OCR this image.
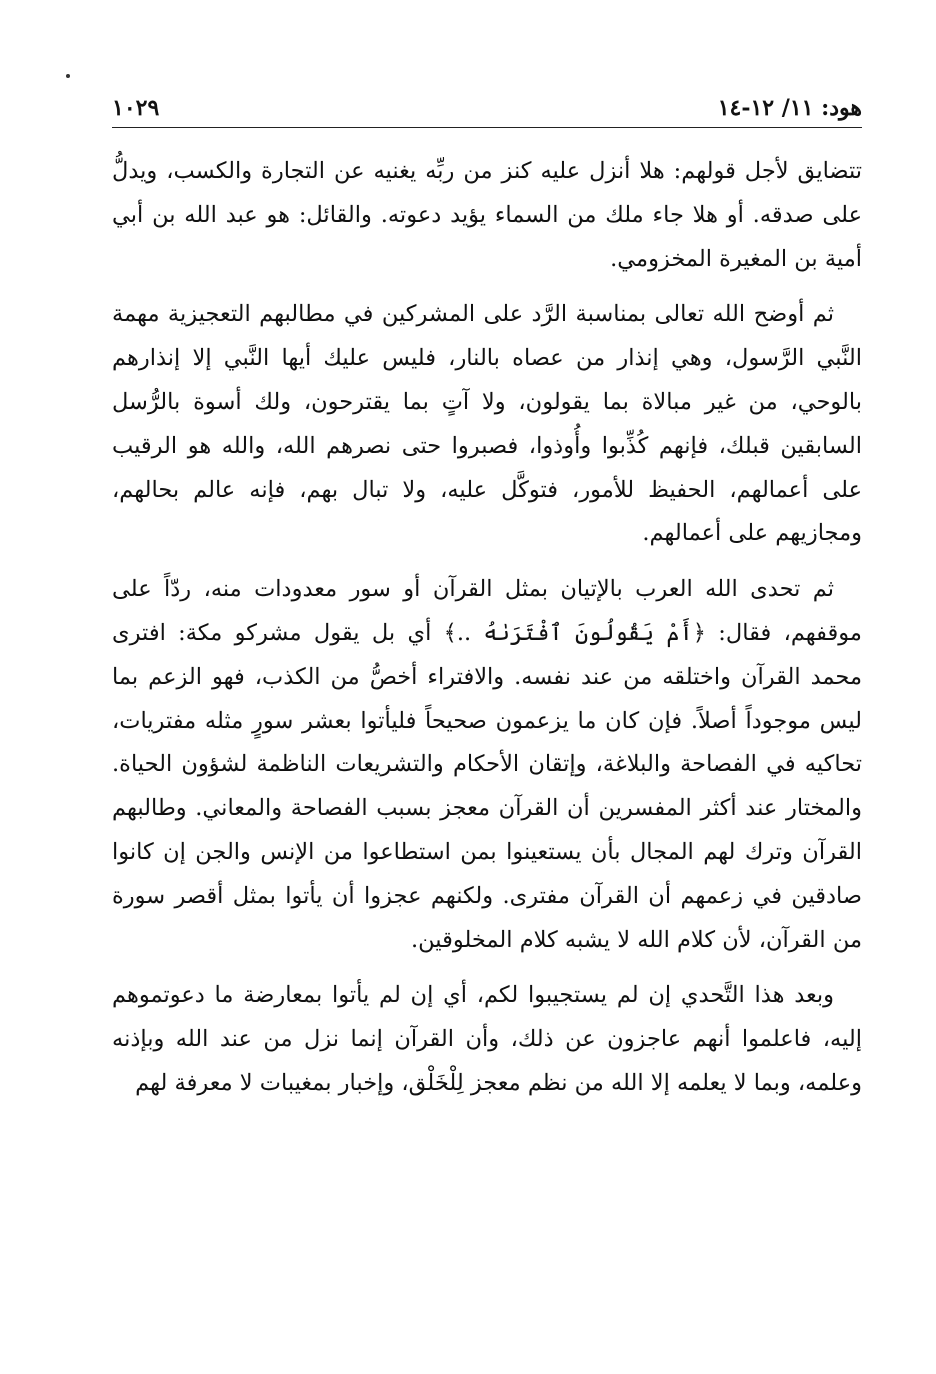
هود: ١١/ ١٢-١٤
١٠٢٩

تتضايق لأجل قولهم: هلا أنزل عليه كنز من ربِّه يغنيه عن التجارة والكسب، ويدلُّ على صدقه. أو هلا جاء ملك من السماء يؤيد دعوته. والقائل: هو عبد الله بن أبي أمية بن المغيرة المخزومي.

ثم أوضح الله تعالى بمناسبة الرَّد على المشركين في مطالبهم التعجيزية مهمة النَّبي الرَّسول، وهي إنذار من عصاه بالنار، فليس عليك أيها النَّبي إلا إنذارهم بالوحي، من غير مبالاة بما يقولون، ولا آتٍ بما يقترحون، ولك أسوة بالرُّسل السابقين قبلك، فإنهم كُذِّبوا وأُوذوا، فصبروا حتى نصرهم الله، والله هو الرقيب على أعمالهم، الحفيظ للأمور، فتوكَّل عليه، ولا تبال بهم، فإنه عالم بحالهم، ومجازيهم على أعمالهم.

ثم تحدى الله العرب بالإتيان بمثل القرآن أو سور معدودات منه، ردّاً على موقفهم، فقال: ﴿أَمْ يَقُولُونَ ٱفْتَرَىٰهُ ..﴾ أي بل يقول مشركو مكة: افترى محمد القرآن واختلقه من عند نفسه. والافتراء أخصُّ من الكذب، فهو الزعم بما ليس موجوداً أصلاً. فإن كان ما يزعمون صحيحاً فليأتوا بعشر سورٍ مثله مفتريات، تحاكيه في الفصاحة والبلاغة، وإتقان الأحكام والتشريعات الناظمة لشؤون الحياة. والمختار عند أكثر المفسرين أن القرآن معجز بسبب الفصاحة والمعاني. وطالبهم القرآن وترك لهم المجال بأن يستعينوا بمن استطاعوا من الإنس والجن إن كانوا صادقين في زعمهم أن القرآن مفترى. ولكنهم عجزوا أن يأتوا بمثل أقصر سورة من القرآن، لأن كلام الله لا يشبه كلام المخلوقين.

وبعد هذا التَّحدي إن لم يستجيبوا لكم، أي إن لم يأتوا بمعارضة ما دعوتموهم إليه، فاعلموا أنهم عاجزون عن ذلك، وأن القرآن إنما نزل من عند الله وبإذنه وعلمه، وبما لا يعلمه إلا الله من نظم معجز لِلْخَلْق، وإخبار بمغيبات لا معرفة لهم
